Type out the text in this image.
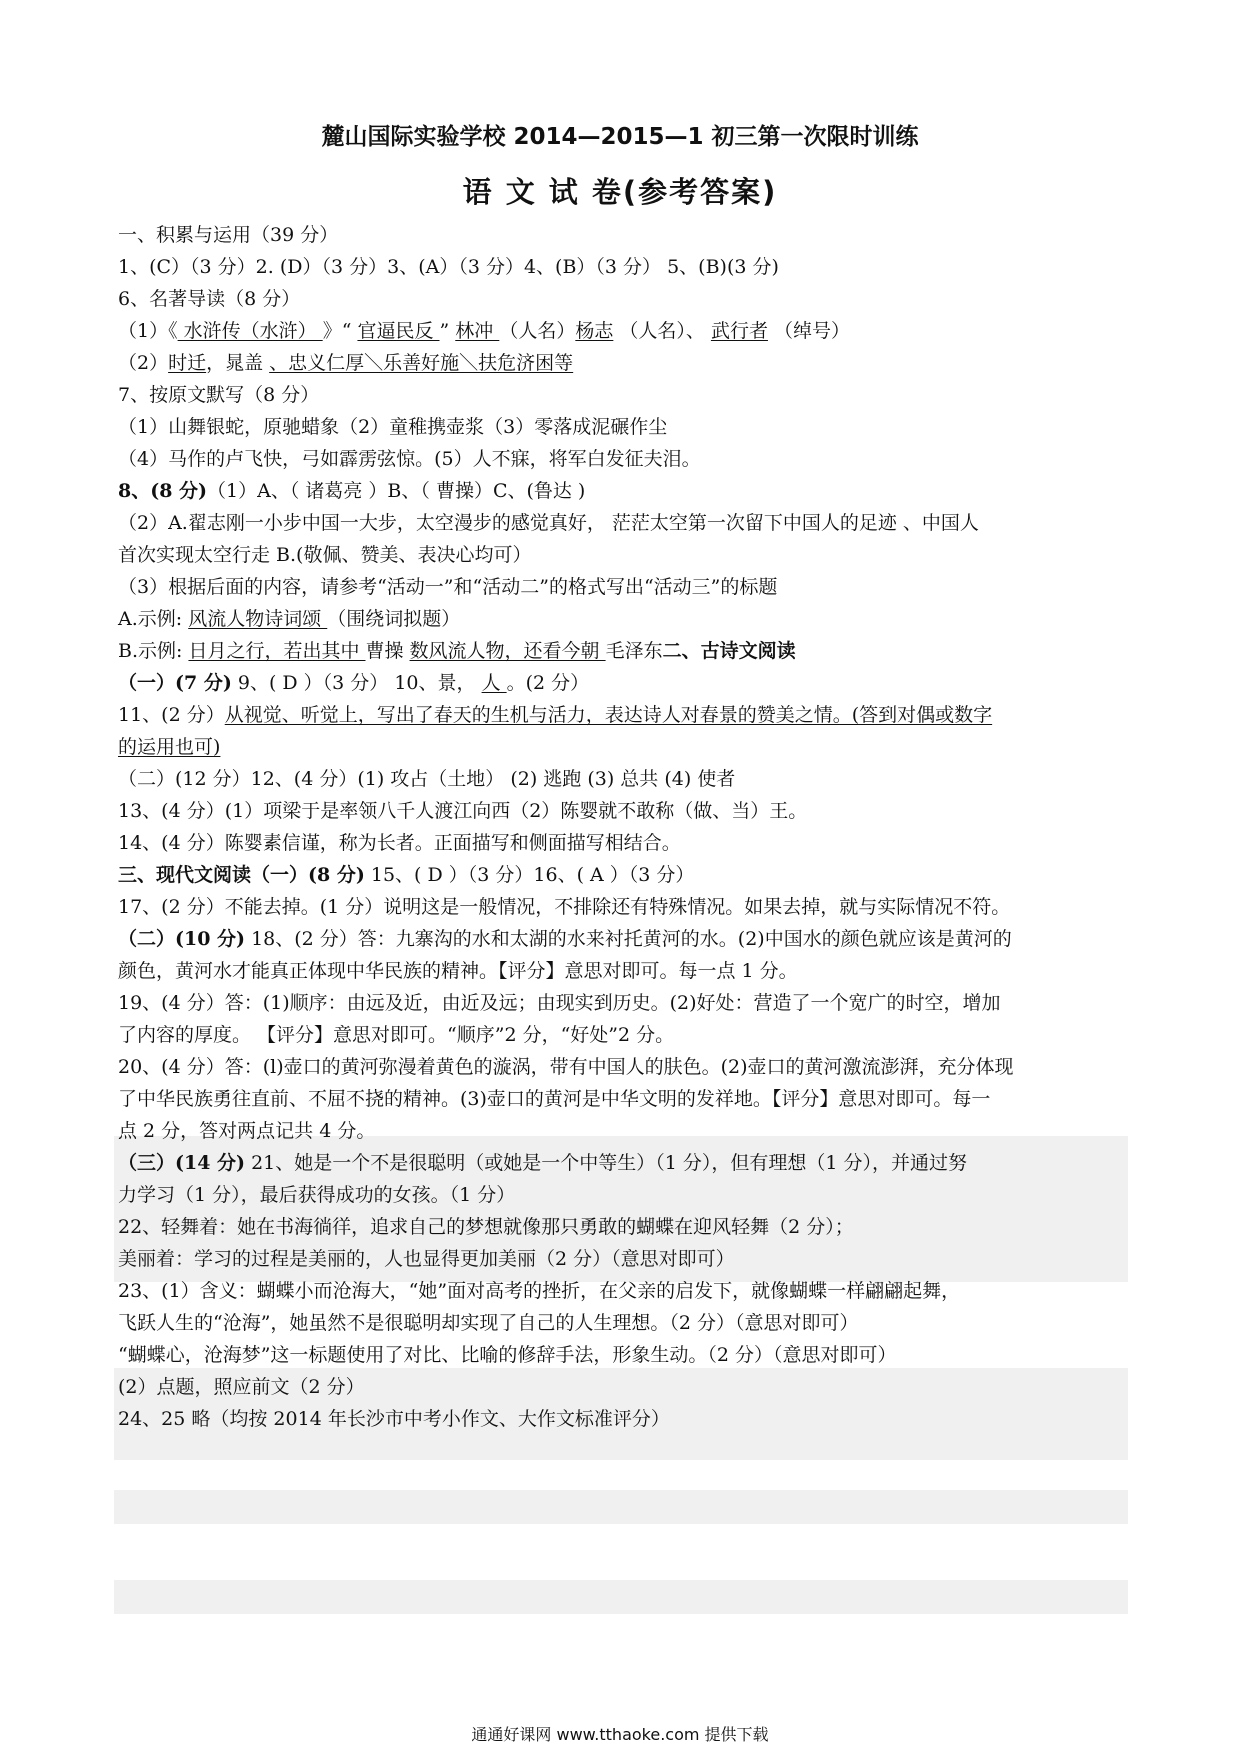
麓山国际实验学校 2014—2015—1 初三第一次限时训练
语 文 试 卷(参考答案)
一、积累与运用（39 分）
1、(C）（3 分）2. (D）（3 分）3、(A）（3 分）4、(B）（3 分） 5、(B)(3 分)
6、名著导读（8 分）
（1）《 水浒传（水浒） 》“ 官逼民反 ” 林冲 （人名）杨志 （人名）、 武行者 （绰号）
（2）时迁，晁盖 、忠义仁厚＼乐善好施＼扶危济困等
7、按原文默写（8 分）
（1）山舞银蛇，原驰蜡象（2）童稚携壶浆（3）零落成泥碾作尘
（4）马作的卢飞快，弓如霹雳弦惊。(5）人不寐，将军白发征夫泪。
8、(8 分)（1）A、（ 诸葛亮 ）B、（ 曹操）C、(鲁达 )
（2）A.翟志刚一小步中国一大步，太空漫步的感觉真好， 茫茫太空第一次留下中国人的足迹 、中国人
首次实现太空行走 B.(敬佩、赞美、表决心均可）
（3）根据后面的内容，请参考“活动一”和“活动二”的格式写出“活动三”的标题
A.示例: 风流人物诗词颂 （围绕词拟题）
B.示例: 日月之行，若出其中 曹操 数风流人物，还看今朝 毛泽东二、古诗文阅读
（一）(7 分) 9、( D ）（3 分） 10、景， 人 。(2 分）
11、(2 分）从视觉、听觉上，写出了春天的生机与活力，表达诗人对春景的赞美之情。(答到对偶或数字
的运用也可)
（二）(12 分）12、(4 分）(1) 攻占（土地） (2) 逃跑 (3) 总共 (4) 使者
13、(4 分）(1）项梁于是率领八千人渡江向西（2）陈婴就不敢称（做、当）王。
14、(4 分）陈婴素信谨，称为长者。正面描写和侧面描写相结合。
三、现代文阅读（一）(8 分) 15、( D ）（3 分）16、( A ）（3 分）
17、(2 分）不能去掉。(1 分）说明这是一般情况，不排除还有特殊情况。如果去掉，就与实际情况不符。
（二）(10 分) 18、(2 分）答：九寨沟的水和太湖的水来衬托黄河的水。(2)中国水的颜色就应该是黄河的
颜色，黄河水才能真正体现中华民族的精神。【评分】意思对即可。每一点 1 分。
19、(4 分）答：(1)顺序：由远及近，由近及远；由现实到历史。(2)好处：营造了一个宽广的时空，增加
了内容的厚度。 【评分】意思对即可。“顺序”2 分，“好处”2 分。
20、(4 分）答：(l)壶口的黄河弥漫着黄色的漩涡，带有中国人的肤色。(2)壶口的黄河激流澎湃，充分体现
了中华民族勇往直前、不屈不挠的精神。(3)壶口的黄河是中华文明的发祥地。【评分】意思对即可。每一
点 2 分，答对两点记共 4 分。
（三）(14 分) 21、她是一个不是很聪明（或她是一个中等生）（1 分），但有理想（1 分），并通过努
力学习（1 分），最后获得成功的女孩。（1 分）
22、轻舞着：她在书海徜徉，追求自己的梦想就像那只勇敢的蝴蝶在迎风轻舞（2 分）；
美丽着：学习的过程是美丽的，人也显得更加美丽（2 分）（意思对即可）
23、(1）含义：蝴蝶小而沧海大，“她”面对高考的挫折，在父亲的启发下，就像蝴蝶一样翩翩起舞，
飞跃人生的“沧海”，她虽然不是很聪明却实现了自己的人生理想。（2 分）（意思对即可）
“蝴蝶心，沧海梦”这一标题使用了对比、比喻的修辞手法，形象生动。（2 分）（意思对即可）
(2）点题，照应前文（2 分）
24、25 略（均按 2014 年长沙市中考小作文、大作文标准评分）
通通好课网 www.tthaoke.com 提供下载
